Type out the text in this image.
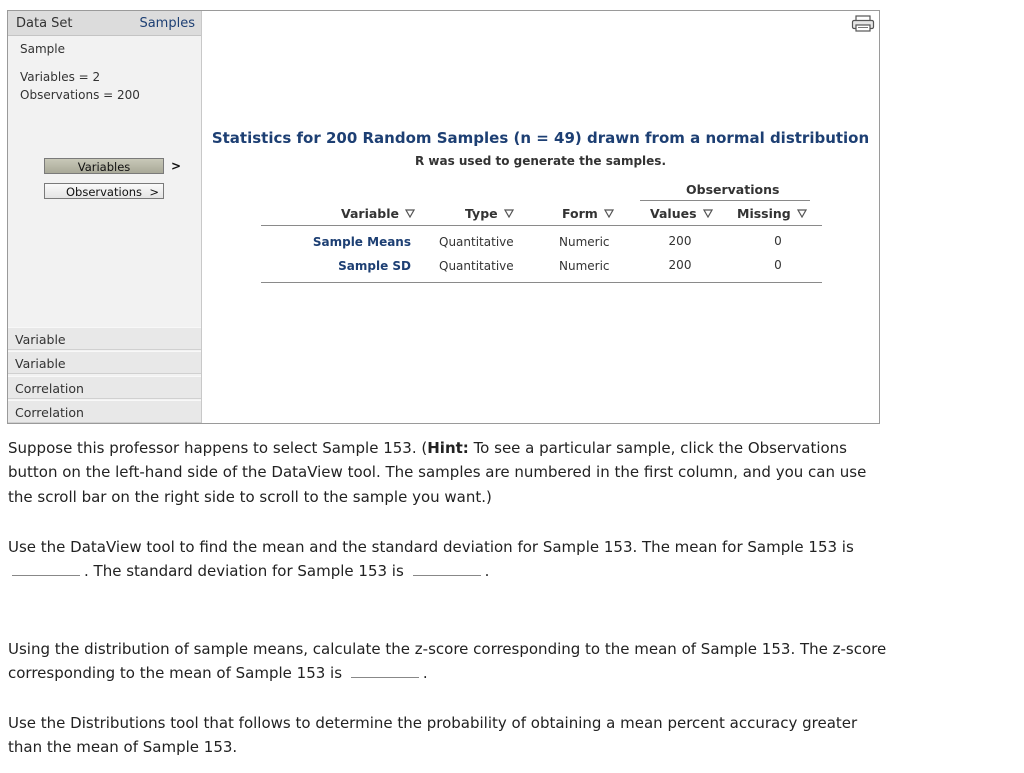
Data Set	Samples
Sample
Variables = 2
Observations = 200
Variables	>
Observations >
Variable
Variable
Correlation
Correlation
Statistics for 200 Random Samples (n = 49) drawn from a normal distribution
R was used to generate the samples.
Observations
Variable	Type	Form	Values	Missing
Sample Means Quantitative	Numeric	200	0
Sample SD Quantitative	Numeric	200	0
Suppose this professor happens to select Sample 153. (Hint: To see a particular sample, click the Observations button on the left-hand side of the DataView tool. The samples are numbered in the first column, and you can use the scroll bar on the right side to scroll to the sample you want.)
Use the DataView tool to find the mean and the standard deviation for Sample 153. The mean for Sample 153 is
. The standard deviation for Sample 153 is	.
Using the distribution of sample means, calculate the z-score corresponding to the mean of Sample 153. The z-score corresponding to the mean of Sample 153 is	.
Use the Distributions tool that follows to determine the probability of obtaining a mean percent accuracy greater than the mean of Sample 153.
